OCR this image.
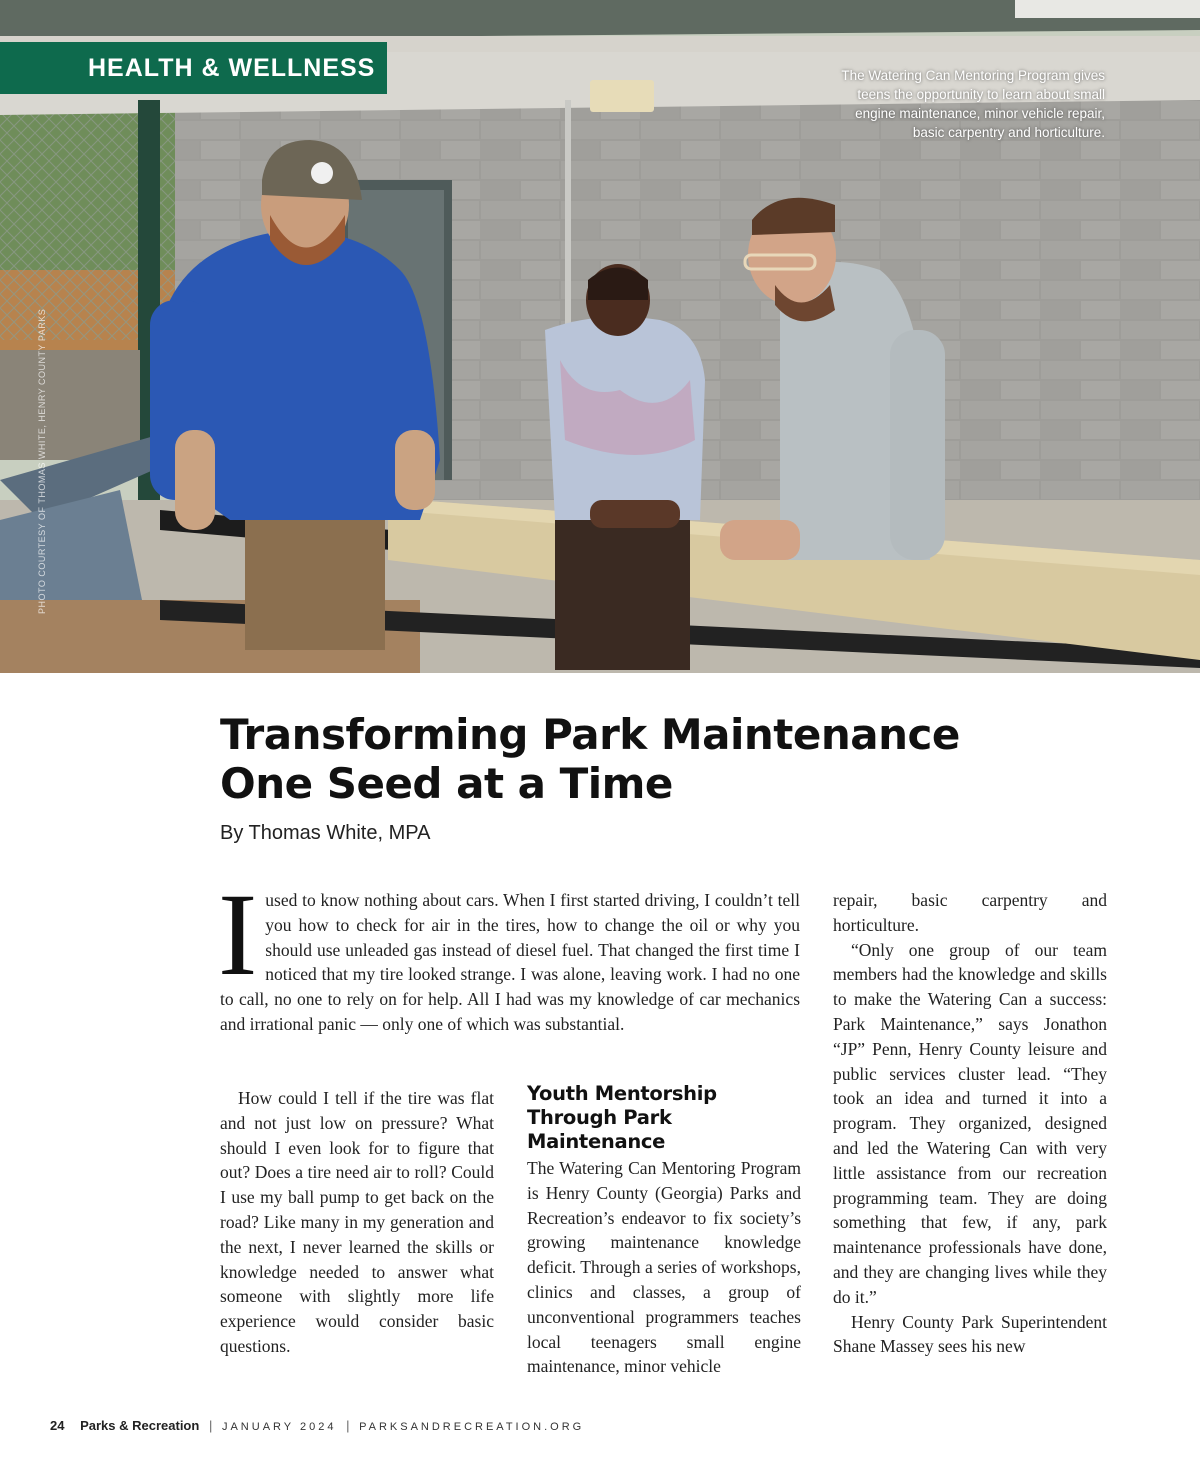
HEALTH & WELLNESS	The Watering Can Mentoring Program gives teens the opportunity to learn about small engine maintenance, minor vehicle repair, basic carpentry and horticulture.
PHOTO COURTESY OF THOMAS WHITE, HENRY COUNTY PARKS
Transforming Park Maintenance
One Seed at a Time
By Thomas White, MPA
I used to know nothing about cars. When I first started driving, I couldn’t tell you how to check for air in the tires, how to change the oil or why you should use unleaded gas instead of diesel fuel. That changed the first time I noticed that my tire looked strange. I was alone, leaving work. I had no one to call, no one to rely on for help. All I had was my knowledge of car mechanics and irrational panic — only one of which was substantial.

How could I tell if the tire was flat and not just low on pressure? What should I even look for to figure that out? Does a tire need air to roll? Could I use my ball pump to get back on the road? Like many in my generation and the next, I never learned the skills or knowledge needed to answer what someone with slightly more life experience would consider basic questions.

Youth Mentorship Through Park Maintenance

The Watering Can Mentoring Program is Henry County (Georgia) Parks and Recreation’s endeavor to fix society’s growing maintenance knowledge deficit. Through a series of workshops, clinics and classes, a group of unconventional programmers teaches local teenagers small engine maintenance, minor vehicle

repair, basic carpentry and horticulture.

“Only one group of our team members had the knowledge and skills to make the Watering Can a success: Park Maintenance,” says Jonathon “JP” Penn, Henry County leisure and public services cluster lead. “They took an idea and turned it into a program. They organized, designed and led the Watering Can with very little assistance from our recreation programming team. They are doing something that few, if any, park maintenance professionals have done, and they are changing lives while they do it.”

Henry County Park Superintendent Shane Massey sees his new

24 Parks & Recreation | JANUARY 2024 | PARKSANDRECREATION.ORG
